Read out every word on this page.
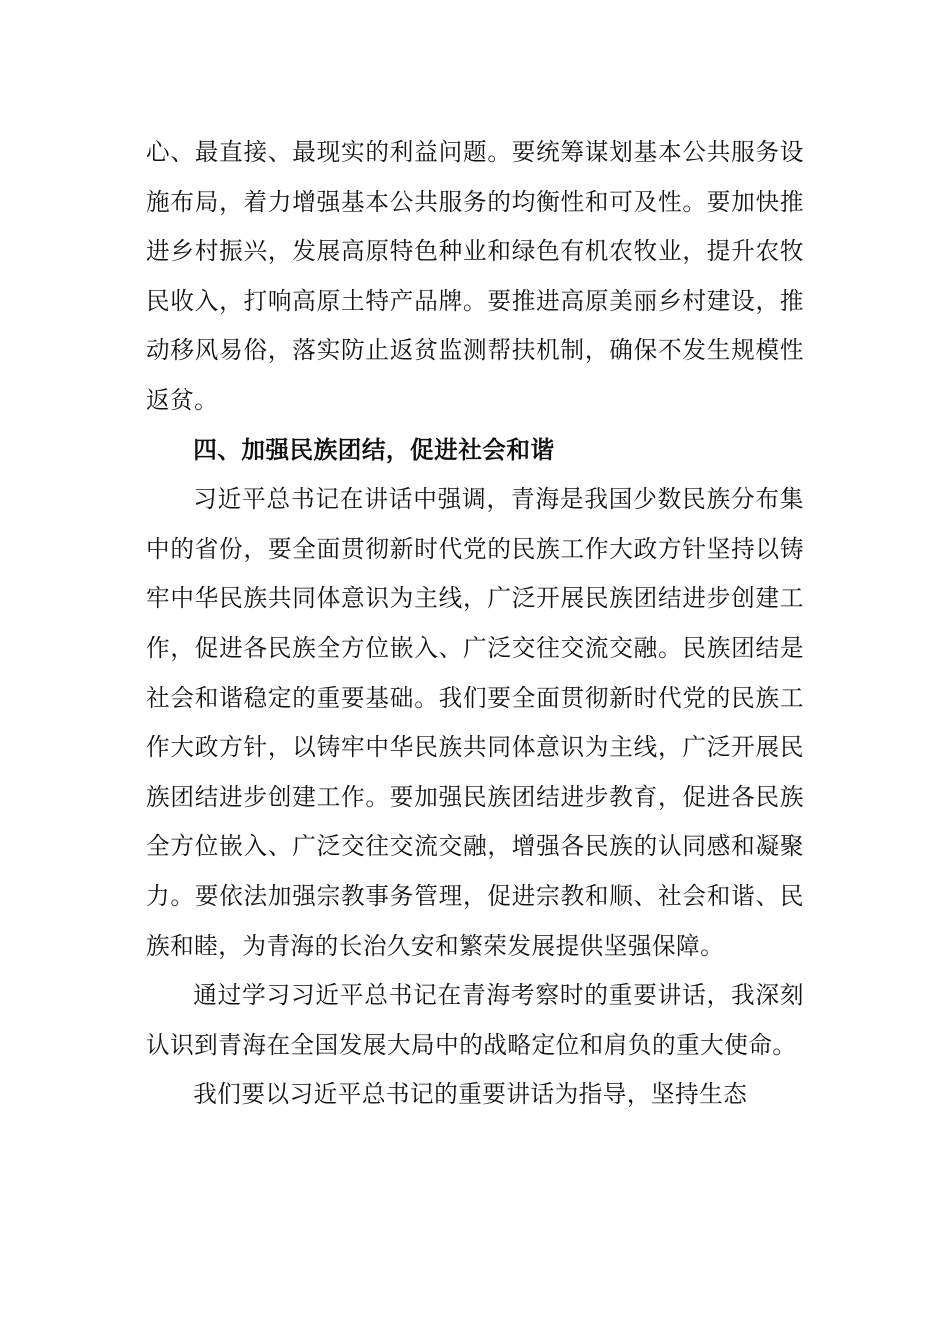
心、最直接、最现实的利益问题。要统筹谋划基本公共服务设施布局，着力增强基本公共服务的均衡性和可及性。要加快推进乡村振兴，发展高原特色种业和绿色有机农牧业，提升农牧民收入，打响高原土特产品牌。要推进高原美丽乡村建设，推动移风易俗，落实防止返贫监测帮扶机制，确保不发生规模性返贫。

四、加强民族团结，促进社会和谐

习近平总书记在讲话中强调，青海是我国少数民族分布集中的省份，要全面贯彻新时代党的民族工作大政方针坚持以铸牢中华民族共同体意识为主线，广泛开展民族团结进步创建工作，促进各民族全方位嵌入、广泛交往交流交融。民族团结是社会和谐稳定的重要基础。我们要全面贯彻新时代党的民族工作大政方针，以铸牢中华民族共同体意识为主线，广泛开展民族团结进步创建工作。要加强民族团结进步教育，促进各民族全方位嵌入、广泛交往交流交融，增强各民族的认同感和凝聚力。要依法加强宗教事务管理，促进宗教和顺、社会和谐、民族和睦，为青海的长治久安和繁荣发展提供坚强保障。

通过学习习近平总书记在青海考察时的重要讲话，我深刻认识到青海在全国发展大局中的战略定位和肩负的重大使命。

我们要以习近平总书记的重要讲话为指导，坚持生态
